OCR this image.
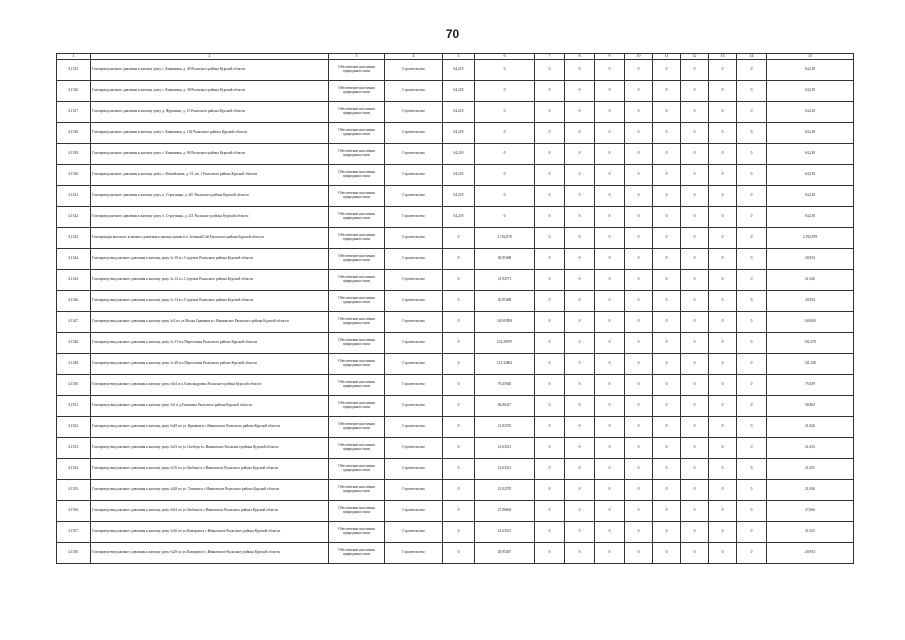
70
1	2	3	4	5	6	7	8	9	10	11	12	13	14	15
4.1335.	Газопровод низкого давления к жилому дому с. Кнышевка, д. 40 Рыльского района Курской области	Обеспечение населения природным газом	Строительство	64,218	0	0	0	0	0	0	0	0	0	64,218
4.1336.	Газопровод низкого давления к жилому дому с. Кнышевка, д. 38 Рыльского района Курской области	Обеспечение населения природным газом	Строительство	64,218	0	0	0	0	0	0	0	0	0	64,218
4.1337.	Газопровод низкого давления к жилому дому д. Журавино, д. 15 Рыльского района Курской области	Обеспечение населения природным газом	Строительство	64,218	0	0	0	0	0	0	0	0	0	64,218
4.1338.	Газопровод низкого давления к жилому дому с. Кнышевка, д. 102 Рыльского района Курской области	Обеспечение населения природным газом	Строительство	64,218	0	0	0	0	0	0	0	0	0	64,218
4.1339.	Газопровод низкого давления к жилому дому с. Кнышевка, д. 86 Рыльского района Курской области	Обеспечение населения природным газом	Строительство	64,218	0	0	0	0	0	0	0	0	0	64,218
4.1340.	Газопровод низкого давления к жилому дому с. Михайловка, д. 51, кв. 1 Рыльского района Курской области	Обеспечение населения природным газом	Строительство	64,218	0	0	0	0	0	0	0	0	0	64,218
4.1341.	Газопровод низкого давления к жилому дому п. Строгинцы, д. 201 Рыльского района Курской области	Обеспечение населения природным газом	Строительство	64,218	0	0	0	0	0	0	0	0	0	64,218
4.1342.	Газопровод низкого давления к жилому дому п. Строгинцы, д. 211 Рыльского района Курской области	Обеспечение населения природным газом	Строительство	64,218	0	0	0	0	0	0	0	0	0	64,218
4.1343.	Газопроводы высокого и низкого давления к жилым домам в п. Зеленый Гай Рыльского района Курской области	Обеспечение населения природным газом	Строительство	0	2 192,878	0	0	0	0	0	0	0	0	2 192,878
4.1344.	Газопровод-ввод низкого давления к жилому дому № 10 в с.Студенок Рыльского района Курской области	Обеспечение населения природным газом	Строительство	0	20,95408	0	0	0	0	0	0	0	0	20,954
4.1345.	Газопровод-ввод низкого давления к жилому дому № 12 в с.Студенок Рыльского района Курской области	Обеспечение населения природным газом	Строительство	0	21,92571	0	0	0	0	0	0	0	0	21,926
4.1346.	Газопровод-ввод низкого давления к жилому дому № 14 в с.Студенок Рыльского района Курской области	Обеспечение населения природным газом	Строительство	0	20,95408	0	0	0	0	0	0	0	0	20,954
4.1347.	Газопровод-ввод низкого давления к жилому дому №3 по ул.Малая Гравчина в с.Ивановское Рыльского района Курской области	Обеспечение населения природным газом	Строительство	0	140,83994	0	0	0	0	0	0	0	0	140,840
4.1348.	Газопровод-ввод низкого давления к жилому дому № 53 в п.Пересечная Рыльского района Курской области	Обеспечение населения природным газом	Строительство	0	102,26970	0	0	0	0	0	0	0	0	102,270
4.1349.	Газопровод-ввод низкого давления к жилому дому № 48 в п.Пересечная Рыльского района Курской области	Обеспечение населения природным газом	Строительство	0	141,32804	0	0	0	0	0	0	0	0	141,328
4.1350.	Газопровод-ввод низкого давления к жилому дому №64 в п.Александровка Рыльского района Курской области	Обеспечение населения природным газом	Строительство	0	79,45926	0	0	0	0	0	0	0	0	79,459
4.1351.	Газопровод-ввод низкого давления к жилому дому №5 в д.Тимохино Рыльского района Курской области	Обеспечение населения природным газом	Строительство	0	56,86417	0	0	0	0	0	0	0	0	56,864
4.1352.	Газопровод-ввод низкого давления к жилому дому №49 по ул. Крюкова в с.Ивановское Рыльского района Курской области	Обеспечение населения природным газом	Строительство	0	21,82555	0	0	0	0	0	0	0	0	21,826
4.1353.	Газопровод-ввод низкого давления к жилому дому №53 по ул.Свобода в с.Ивановское Рыльского района Курской области	Обеспечение населения природным газом	Строительство	0	21,63521	0	0	0	0	0	0	0	0	21,635
4.1354.	Газопровод-ввод низкого давления к жилому дому №76 по ул.Любино в с.Ивановское Рыльского района Курской области	Обеспечение населения природным газом	Строительство	0	21,63521	0	0	0	0	0	0	0	0	21,635
4.1355.	Газопровод-ввод низкого давления к жилому дому №28 по ул. Татнина в с.Ивановское Рыльского района Курской области	Обеспечение населения природным газом	Строительство	0	21,92570	0	0	0	0	0	0	0	0	21,926
4.1356.	Газопровод-ввод низкого давления к жилому дому №63 по ул.Любино в с.Ивановское Рыльского района Курской области	Обеспечение населения природным газом	Строительство	0	27,06604	0	0	0	0	0	0	0	0	27,066
4.1357.	Газопровод-ввод низкого давления к жилому дому №36 по ул.Комарова в с.Ивановское Рыльского района Курской области	Обеспечение населения природным газом	Строительство	0	21,63521	0	0	0	0	0	0	0	0	21,635
4.1358.	Газопровод-ввод низкого давления к жилому дому №29 по ул.Комарова в с.Ивановское Рыльского района Курской области	Обеспечение населения природным газом	Строительство	0	20,95407	0	0	0	0	0	0	0	0	20,954
